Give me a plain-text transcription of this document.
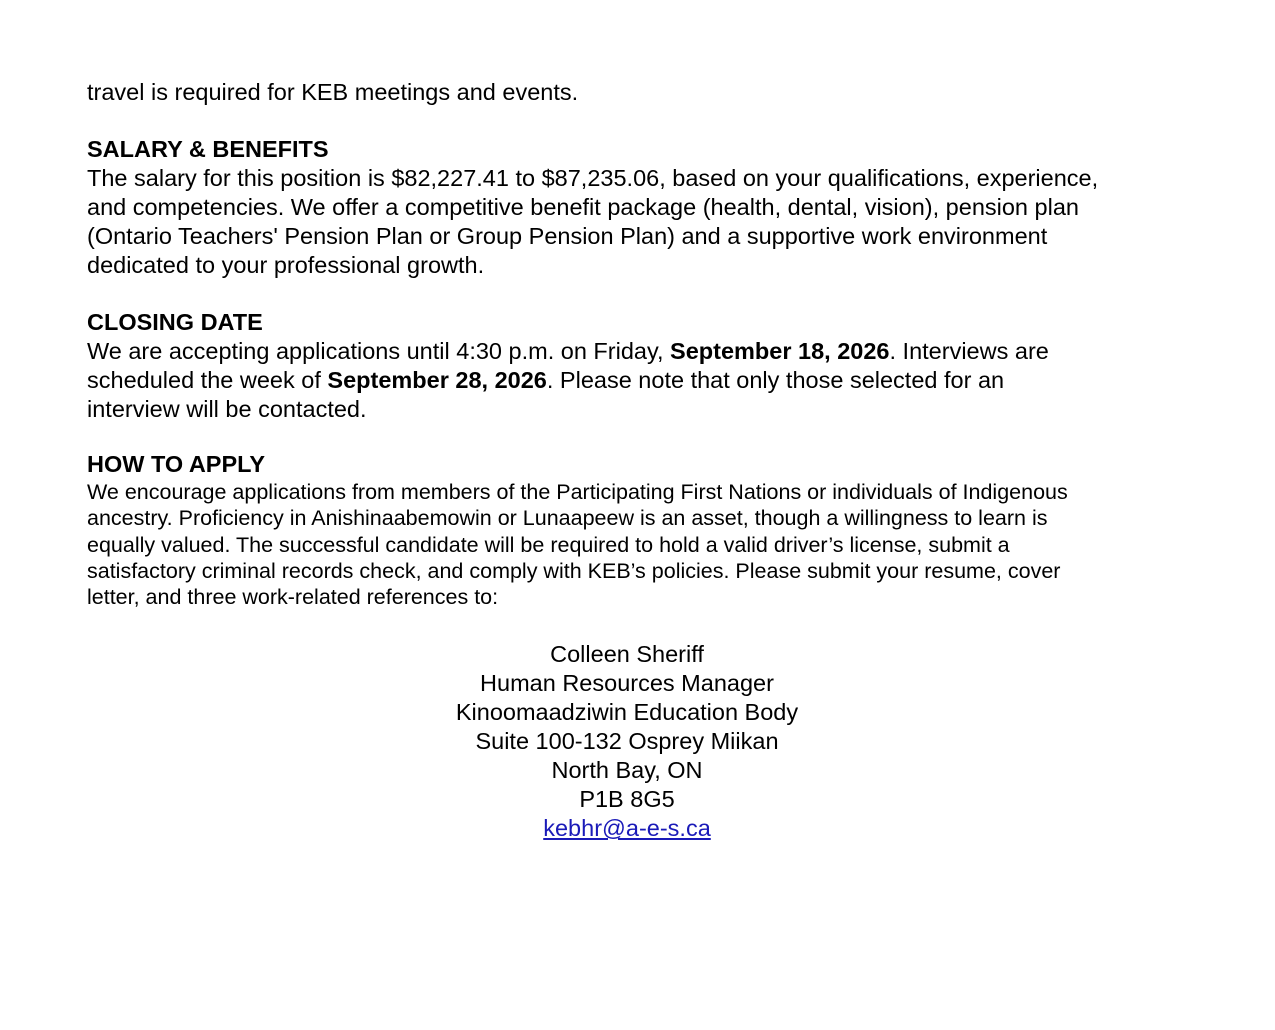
travel is required for KEB meetings and events.

SALARY & BENEFITS

The salary for this position is $82,227.41 to $87,235.06, based on your qualifications, experience,

and competencies. We offer a competitive benefit package (health, dental, vision), pension plan

(Ontario Teachers' Pension Plan or Group Pension Plan) and a supportive work environment

dedicated to your professional growth.

CLOSING DATE

We are accepting applications until 4:30 p.m. on Friday, September 18, 2026. Interviews are

scheduled the week of September 28, 2026. Please note that only those selected for an

interview will be contacted.

HOW TO APPLY

We encourage applications from members of the Participating First Nations or individuals of Indigenous

ancestry. Proficiency in Anishinaabemowin or Lunaapeew is an asset, though a willingness to learn is

equally valued. The successful candidate will be required to hold a valid driver’s license, submit a

satisfactory criminal records check, and comply with KEB’s policies. Please submit your resume, cover

letter, and three work-related references to:

Colleen Sheriff

Human Resources Manager

Kinoomaadziwin Education Body

Suite 100-132 Osprey Miikan

North Bay, ON

P1B 8G5

kebhr@a-e-s.ca
